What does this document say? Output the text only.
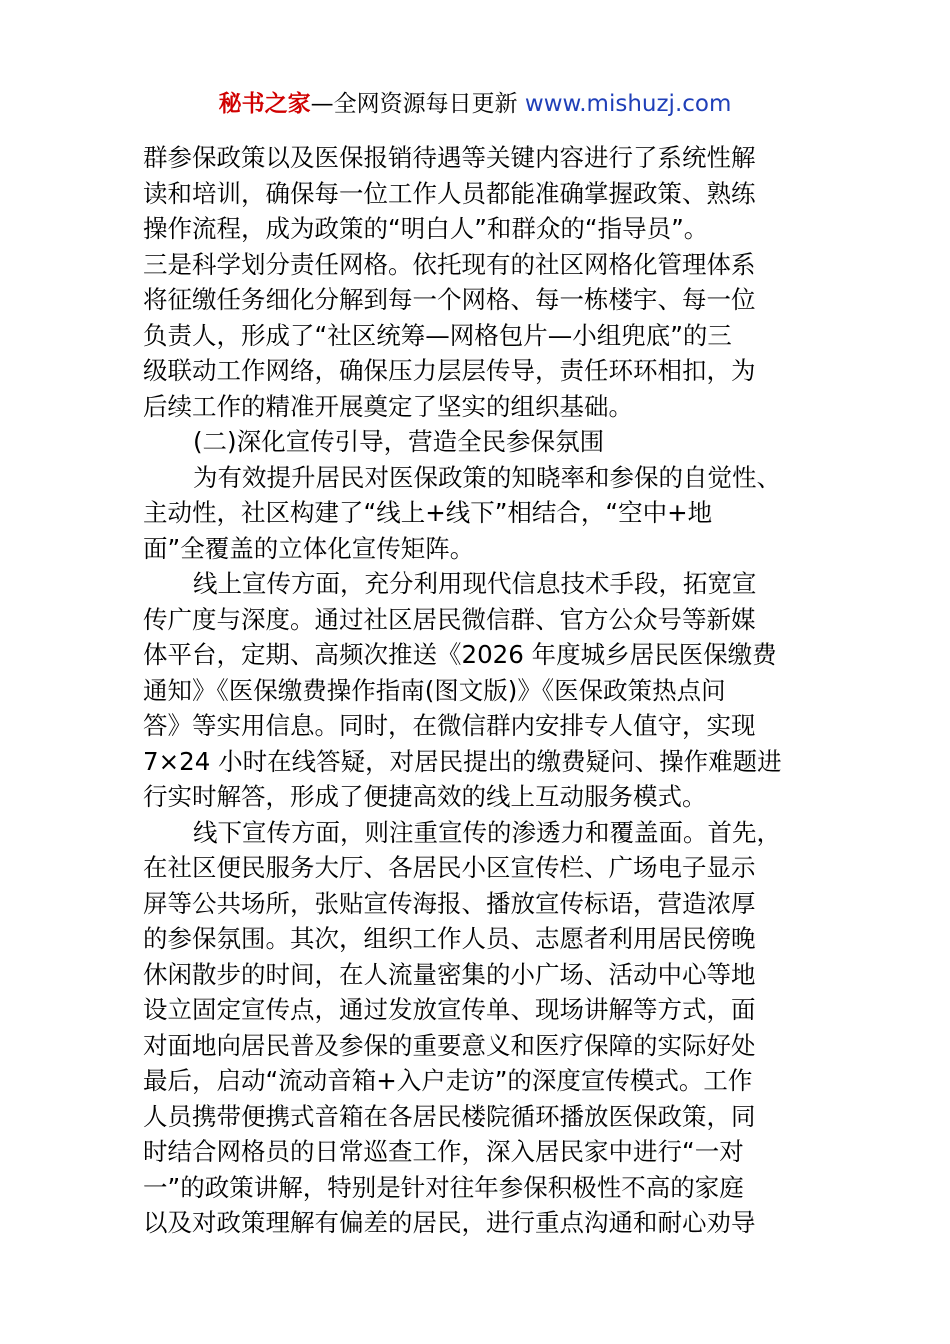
秘书之家—全网资源每日更新 www.mishuzj.com
群参保政策以及医保报销待遇等关键内容进行了系统性解
读和培训，确保每一位工作人员都能准确掌握政策、熟练
操作流程，成为政策的“明白人”和群众的“指导员”。
三是科学划分责任网格。依托现有的社区网格化管理体系
将征缴任务细化分解到每一个网格、每一栋楼宇、每一位
负责人，形成了“社区统筹—网格包片—小组兜底”的三
级联动工作网络，确保压力层层传导，责任环环相扣，为
后续工作的精准开展奠定了坚实的组织基础。
(二)深化宣传引导，营造全民参保氛围
为有效提升居民对医保政策的知晓率和参保的自觉性、
主动性，社区构建了“线上+线下”相结合，“空中+地
面”全覆盖的立体化宣传矩阵。
线上宣传方面，充分利用现代信息技术手段，拓宽宣
传广度与深度。通过社区居民微信群、官方公众号等新媒
体平台，定期、高频次推送《2026 年度城乡居民医保缴费
通知》《医保缴费操作指南(图文版)》《医保政策热点问
答》等实用信息。同时，在微信群内安排专人值守，实现
7×24 小时在线答疑，对居民提出的缴费疑问、操作难题进
行实时解答，形成了便捷高效的线上互动服务模式。
线下宣传方面，则注重宣传的渗透力和覆盖面。首先，
在社区便民服务大厅、各居民小区宣传栏、广场电子显示
屏等公共场所，张贴宣传海报、播放宣传标语，营造浓厚
的参保氛围。其次，组织工作人员、志愿者利用居民傍晚
休闲散步的时间，在人流量密集的小广场、活动中心等地
设立固定宣传点，通过发放宣传单、现场讲解等方式，面
对面地向居民普及参保的重要意义和医疗保障的实际好处
最后，启动“流动音箱+入户走访”的深度宣传模式。工作
人员携带便携式音箱在各居民楼院循环播放医保政策，同
时结合网格员的日常巡查工作，深入居民家中进行“一对
一”的政策讲解，特别是针对往年参保积极性不高的家庭
以及对政策理解有偏差的居民，进行重点沟通和耐心劝导
